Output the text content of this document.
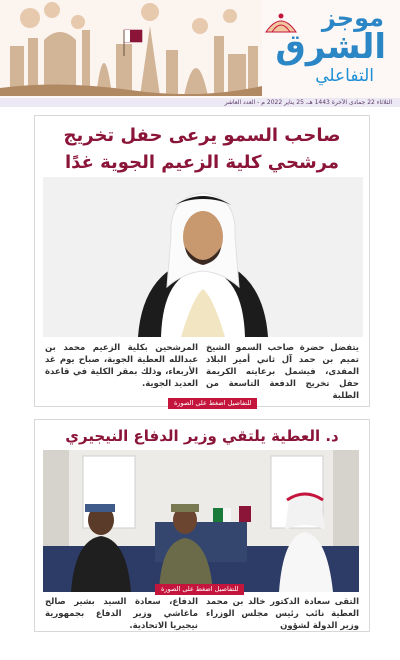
موجز
الشرق
التفاعلي
الثلاثاء 22 جمادى الآخرة 1443 هـ، 25 يناير 2022 م - العدد العاشر
صاحب السمو يرعى حفل تخريج مرشحي كلية الزعيم الجوية غدًا
يتفضل حضرة صاحب السمو الشيخ تميم بن حمد آل ثاني أمير البلاد المفدى، فيشمل برعايته الكريمة حفل تخريج الدفعة التاسعة من الطلبة
المرشحين بكلية الزعيم محمد بن عبدالله العطية الجوية، صباح يوم غد الأربعاء، وذلك بمقر الكلية في قاعدة العديد الجوية.
للتفاصيل اضغط على الصورة
د. العطية يلتقي وزير الدفاع النيجيري
التقى سعادة الدكتور خالد بن محمد العطية نائب رئيس مجلس الوزراء وزير الدولة لشؤون
الدفاع، سعادة السيد بشير صالح ماغاشي وزير الدفاع بجمهورية نيجيريا الاتحادية.
للتفاصيل اضغط على الصورة
